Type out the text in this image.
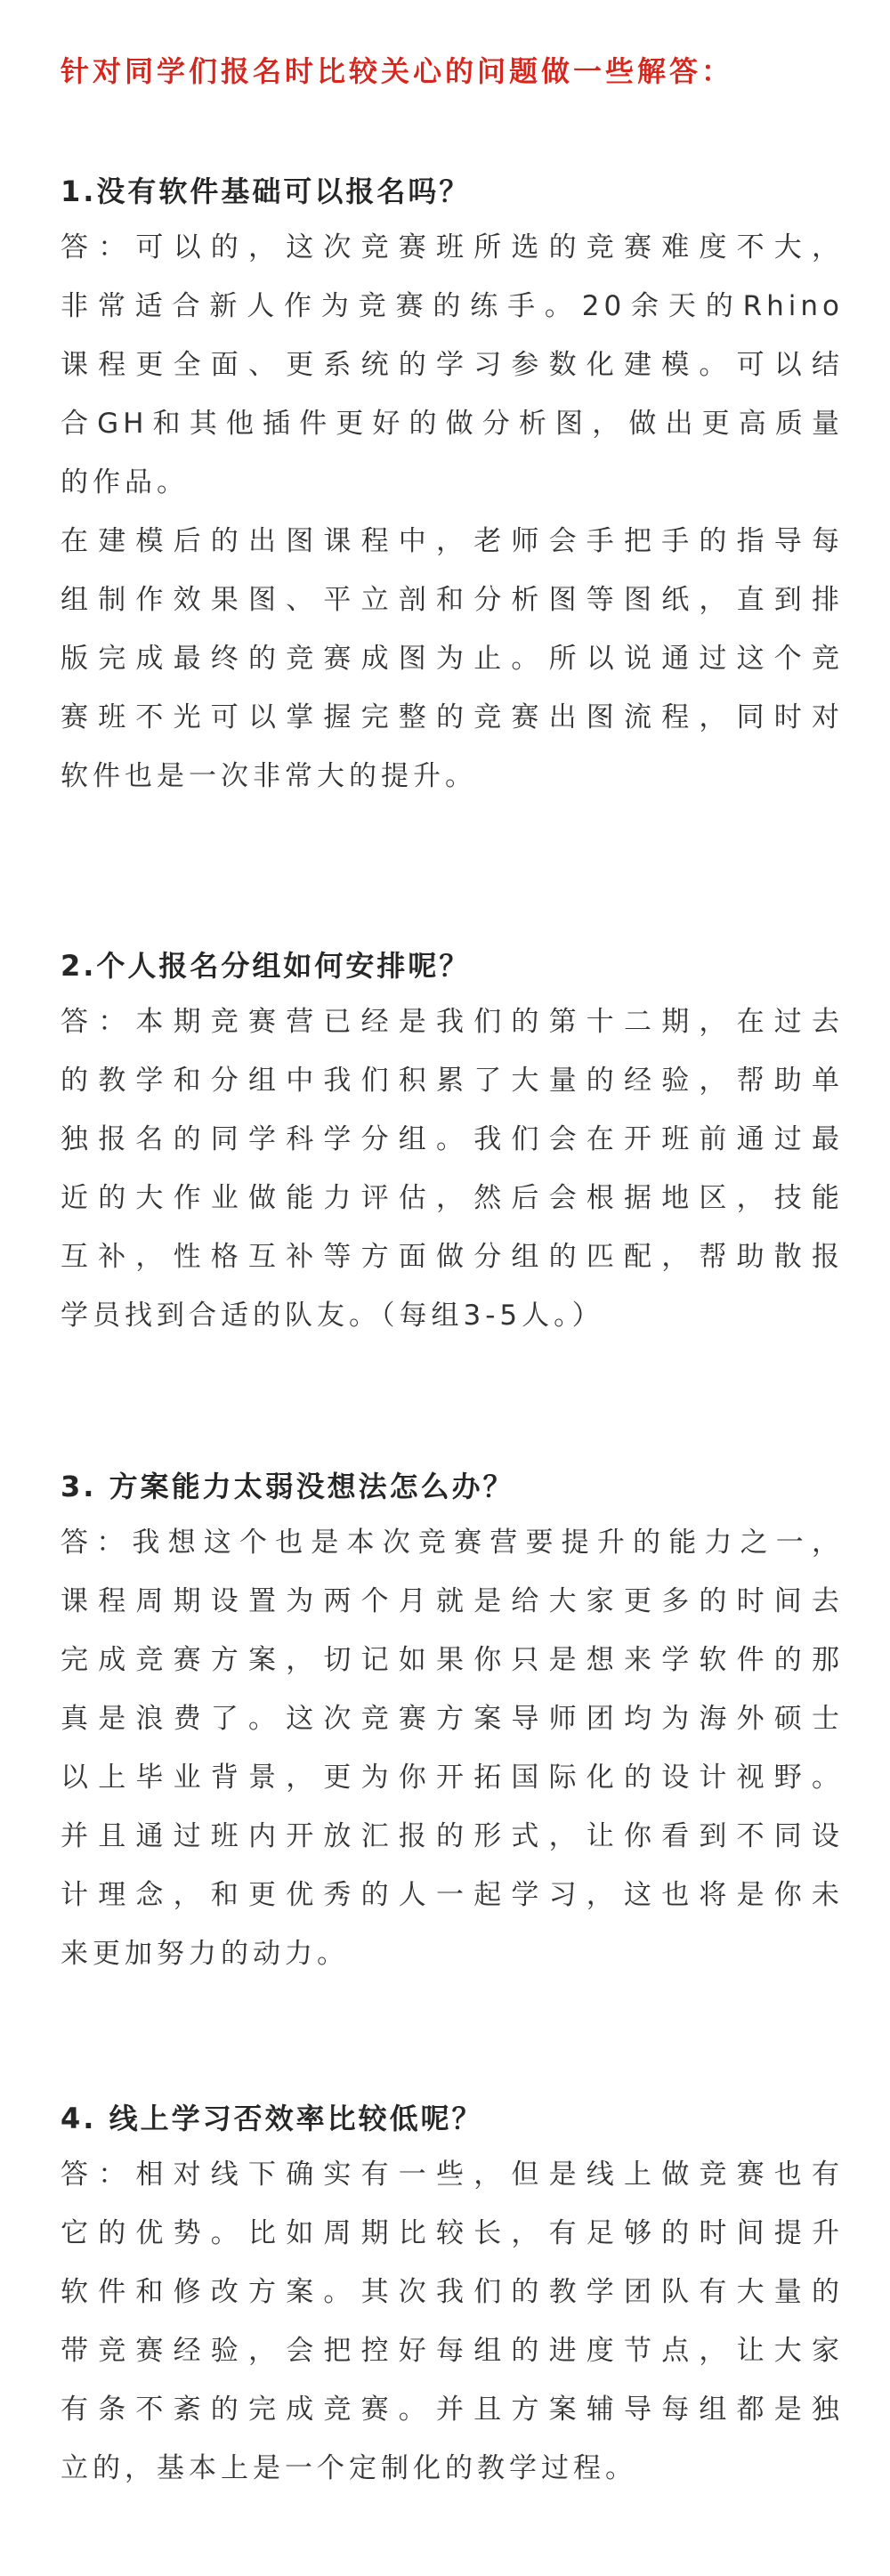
针对同学们报名时比较关心的问题做一些解答：
1.没有软件基础可以报名吗？
答：可以的，这次竞赛班所选的竞赛难度不大，
非常适合新人作为竞赛的练手。20余天的Rhino
课程更全面、更系统的学习参数化建模。可以结
合GH和其他插件更好的做分析图，做出更高质量
的作品。
在建模后的出图课程中，老师会手把手的指导每
组制作效果图、平立剖和分析图等图纸，直到排
版完成最终的竞赛成图为止。所以说通过这个竞
赛班不光可以掌握完整的竞赛出图流程，同时对
软件也是一次非常大的提升。
2.个人报名分组如何安排呢？
答：本期竞赛营已经是我们的第十二期，在过去
的教学和分组中我们积累了大量的经验，帮助单
独报名的同学科学分组。我们会在开班前通过最
近的大作业做能力评估，然后会根据地区，技能
互补，性格互补等方面做分组的匹配，帮助散报
学员找到合适的队友。（每组3-5人。）
3. 方案能力太弱没想法怎么办？
答：我想这个也是本次竞赛营要提升的能力之一，
课程周期设置为两个月就是给大家更多的时间去
完成竞赛方案，切记如果你只是想来学软件的那
真是浪费了。这次竞赛方案导师团均为海外硕士
以上毕业背景，更为你开拓国际化的设计视野。
并且通过班内开放汇报的形式，让你看到不同设
计理念，和更优秀的人一起学习，这也将是你未
来更加努力的动力。
4. 线上学习否效率比较低呢？
答：相对线下确实有一些，但是线上做竞赛也有
它的优势。比如周期比较长，有足够的时间提升
软件和修改方案。其次我们的教学团队有大量的
带竞赛经验，会把控好每组的进度节点，让大家
有条不紊的完成竞赛。并且方案辅导每组都是独
立的，基本上是一个定制化的教学过程。
